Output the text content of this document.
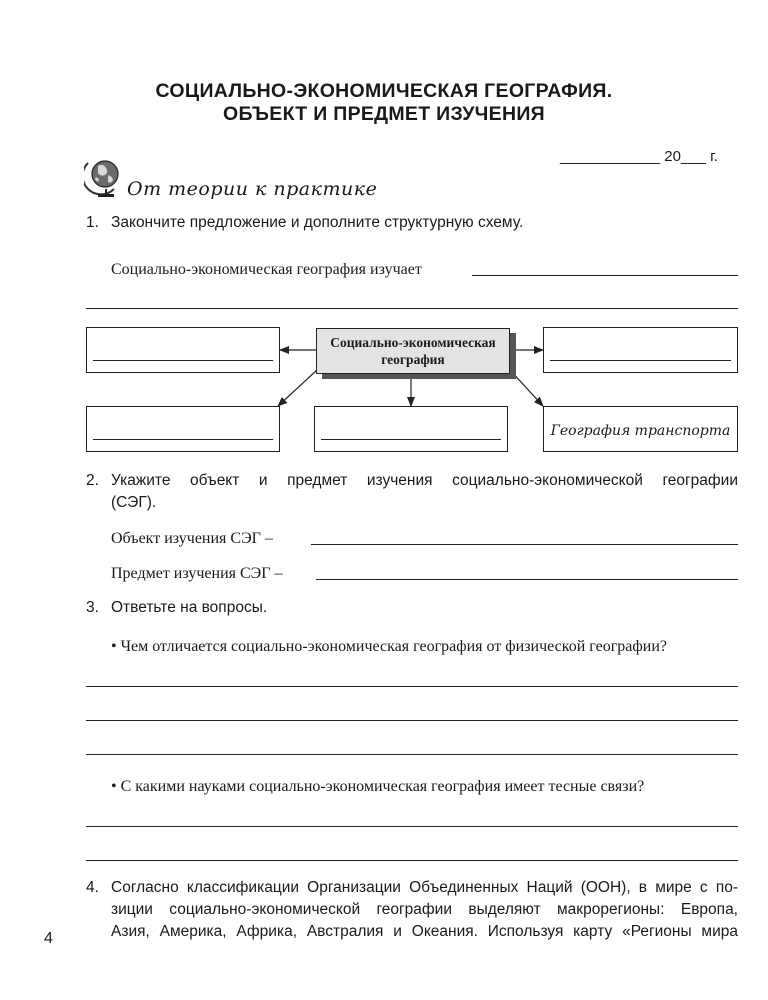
СОЦИАЛЬНО-ЭКОНОМИЧЕСКАЯ ГЕОГРАФИЯ.
ОБЪЕКТ И ПРЕДМЕТ ИЗУЧЕНИЯ
____________ 20___ г.
От теории к практике
1. Закончите предложение и дополните структурную схему.
Социально-экономическая география изучает
Социально-экономическая география
География транспорта
2. Укажите объект и предмет изучения социально-экономической географии
(СЭГ).
Объект изучения СЭГ –
Предмет изучения СЭГ –
3. Ответьте на вопросы.
• Чем отличается социально-экономическая география от физической географии?
• С какими науками социально-экономическая география имеет тесные связи?
4. Согласно классификации Организации Объединенных Наций (ООН), в мире с по-
зиции социально-экономической географии выделяют макрорегионы: Европа,
Азия, Америка, Африка, Австралия и Океания. Используя карту «Регионы мира
4
